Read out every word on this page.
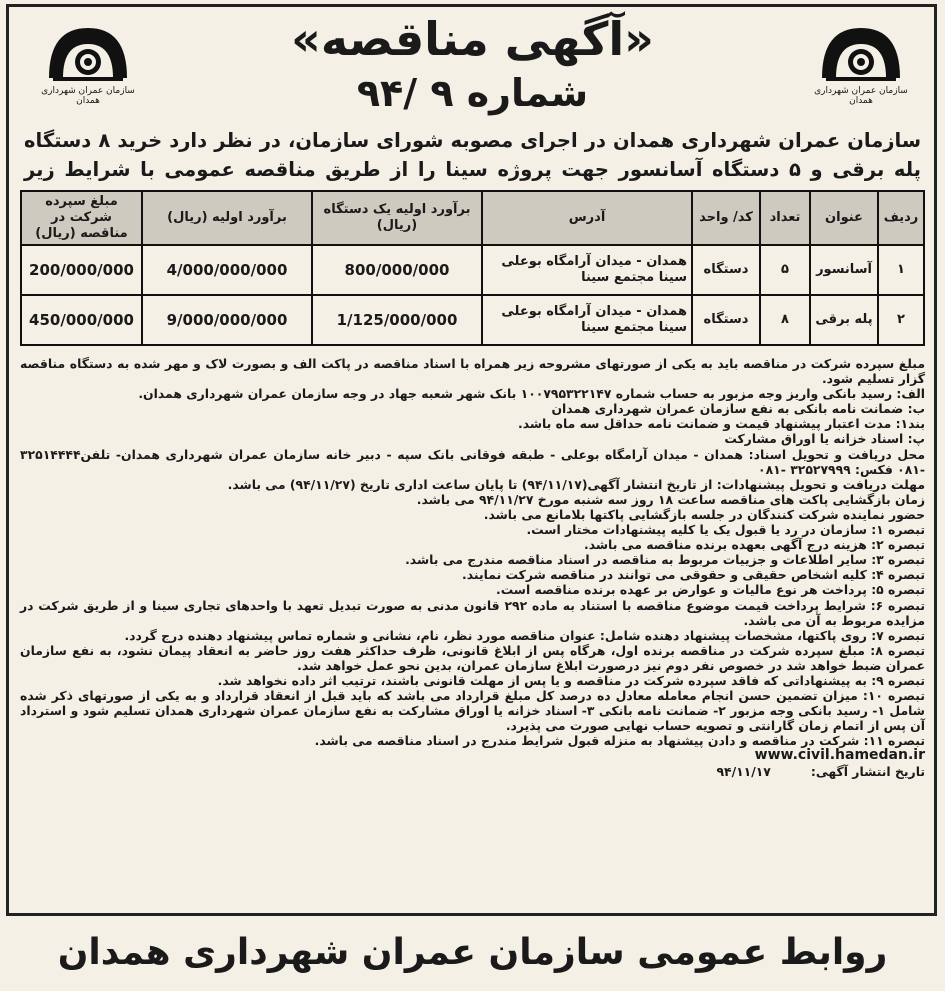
سازمان عمران شهرداری همدان
سازمان عمران شهرداری همدان
«آگهی مناقصه»
شماره ۹ /۹۴
سازمان عمران شهرداری همدان در اجرای مصوبه شورای سازمان، در نظر دارد خرید ۸ دستگاه پله برقی و ۵ دستگاه آسانسور جهت پروژه سینا را از طریق مناقصه عمومی با شرایط زیر
ردیف	عنوان	تعداد	کد/ واحد	آدرس	برآورد اولیه یک دستگاه (ریال)	برآورد اولیه (ریال)	مبلغ سپرده شرکت در مناقصه (ریال)
۱	آسانسور	۵	دستگاه	همدان - میدان آرامگاه بوعلی سینا مجتمع سینا	800/000/000	4/000/000/000	200/000/000
۲	پله برقی	۸	دستگاه	همدان - میدان آرامگاه بوعلی سینا مجتمع سینا	1/125/000/000	9/000/000/000	450/000/000

مبلغ سپرده شرکت در مناقصه باید به یکی از صورتهای مشروحه زیر همراه با اسناد مناقصه در پاکت الف و بصورت لاک و مهر شده به دستگاه مناقصه گزار تسلیم شود.

الف: رسید بانکی واریز وجه مزبور به حساب شماره ۱۰۰۷۹۵۳۲۲۱۴۷ بانک شهر شعبه جهاد در وجه سازمان عمران شهرداری همدان.

ب: ضمانت نامه بانکی به نفع سازمان عمران شهرداری همدان

بند۱: مدت اعتبار پیشنهاد قیمت و ضمانت نامه حداقل سه ماه باشد.

پ: اسناد خزانه یا اوراق مشارکت

محل دریافت و تحویل اسناد: همدان - میدان آرامگاه بوعلی - طبقه فوقانی بانک سپه - دبیر خانه سازمان عمران شهرداری همدان- تلفن۳۲۵۱۴۴۴۴ -۰۸۱ فکس: ۳۲۵۲۷۹۹۹ -۰۸۱

مهلت دریافت و تحویل پیشنهادات: از تاریخ انتشار آگهی(۹۴/۱۱/۱۷) تا پایان ساعت اداری تاریخ (۹۴/۱۱/۲۷) می باشد.

زمان بازگشایی پاکت های مناقصه ساعت ۱۸ روز سه شنبه مورخ ۹۴/۱۱/۲۷ می باشد.

حضور نماینده شرکت کنندگان در جلسه بازگشایی پاکتها بلامانع می باشد.

تبصره ۱: سازمان در رد یا قبول یک یا کلیه پیشنهادات مختار است.

تبصره ۲: هزینه درج آگهی بعهده برنده مناقصه می باشد.

تبصره ۳: سایر اطلاعات و جزییات مربوط به مناقصه در اسناد مناقصه مندرج می باشد.

تبصره ۴: کلیه اشخاص حقیقی و حقوقی می توانند در مناقصه شرکت نمایند.

تبصره ۵: پرداخت هر نوع مالیات و عوارض بر عهده برنده مناقصه است.

تبصره ۶: شرایط پرداخت قیمت موضوع مناقصه با استناد به ماده ۲۹۲ قانون مدنی به صورت تبدیل تعهد با واحدهای تجاری سینا و از طریق شرکت در مزایده مربوط به آن می باشد.

تبصره ۷: روی پاکتها، مشخصات پیشنهاد دهنده شامل: عنوان مناقصه مورد نظر، نام، نشانی و شماره تماس پیشنهاد دهنده درج گردد.

تبصره ۸: مبلغ سپرده شرکت در مناقصه برنده اول، هرگاه پس از ابلاغ قانونی، ظرف حداکثر هفت روز حاضر به انعقاد پیمان نشود، به نفع سازمان عمران ضبط خواهد شد در خصوص نفر دوم نیز درصورت ابلاغ سازمان عمران، بدین نحو عمل خواهد شد.

تبصره ۹: به پیشنهاداتی که فاقد سپرده شرکت در مناقصه و یا پس از مهلت قانونی باشند، ترتیب اثر داده نخواهد شد.

تبصره ۱۰: میزان تضمین حسن انجام معامله معادل ده درصد کل مبلغ قرارداد می باشد که باید قبل از انعقاد قرارداد و به یکی از صورتهای ذکر شده شامل ۱- رسید بانکی وجه مزبور ۲- ضمانت نامه بانکی ۳- اسناد خزانه یا اوراق مشارکت به نفع سازمان عمران شهرداری همدان تسلیم شود و استرداد آن پس از اتمام زمان گارانتی و تصویه حساب نهایی صورت می پذیرد.

تبصره ۱۱: شرکت در مناقصه و دادن پیشنهاد به منزله قبول شرایط مندرج در اسناد مناقصه می باشد.

www.civil.hamedan.ir

تاریخ انتشار آگهی:
۹۴/۱۱/۱۷

روابط عمومی سازمان عمران شهرداری همدان
